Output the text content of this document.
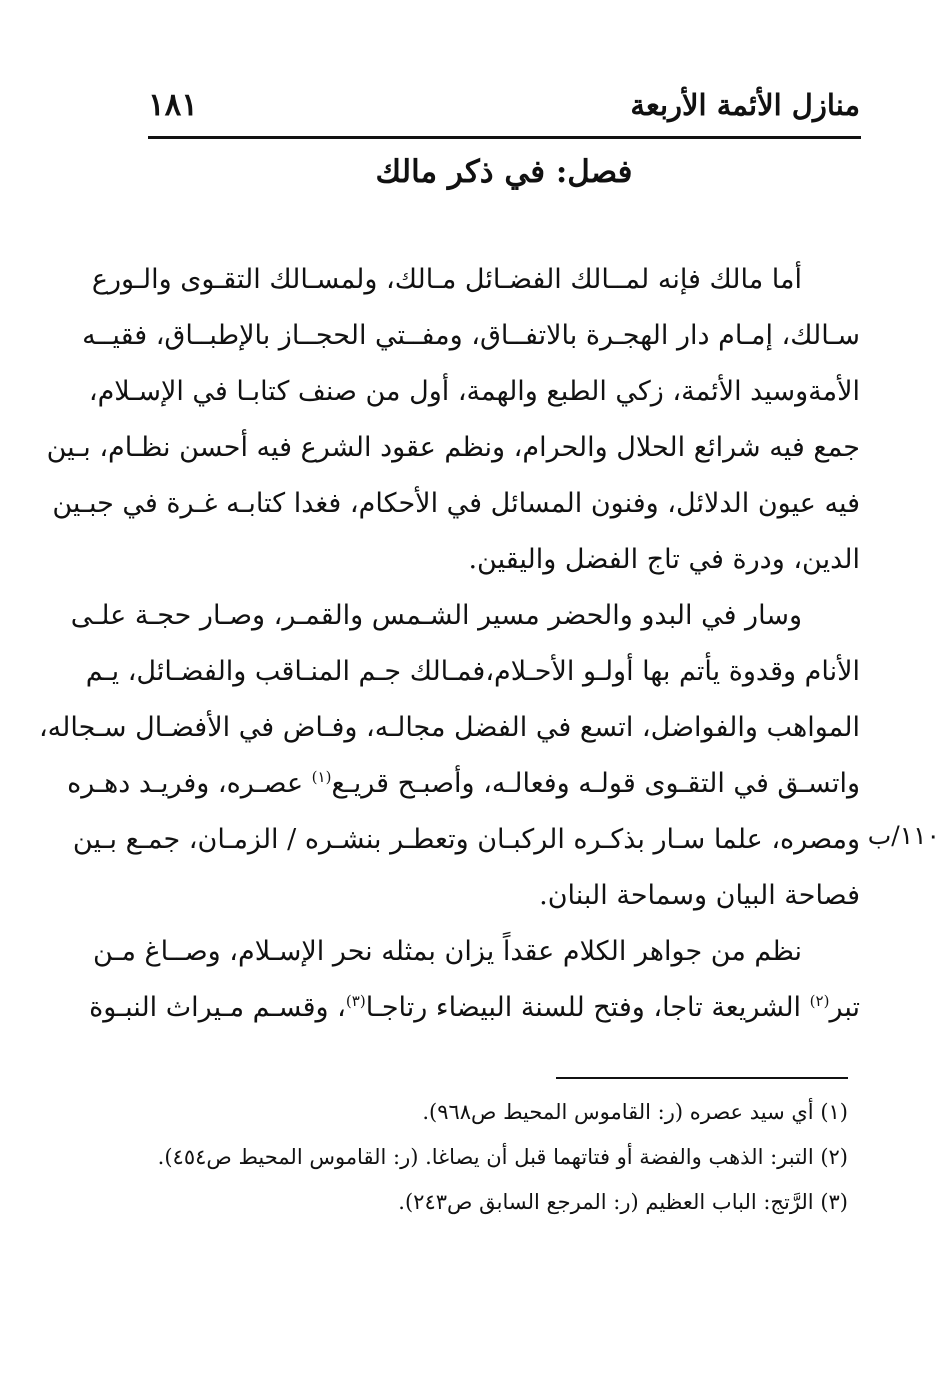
منازل الأئمة الأربعة
١٨١
فصل: في ذكر مالك
أما مالك فإنه لمــالك الفضـائل مـالك، ولمسـالك التقـوى والـورع
سـالك، إمـام دار الهجـرة بالاتفــاق، ومفــتي الحجــاز بالإطبــاق، فقيــه
الأمةوسيد الأئمة، زكي الطبع والهمة، أول من صنف كتابـا في الإسـلام،
جمع فيه شرائع الحلال والحرام، ونظم عقود الشرع فيه أحسن نظـام، بـين
فيه عيون الدلائل، وفنون المسائل في الأحكام، فغدا كتابـه غـرة في جبـين
الدين، ودرة في تاج الفضل واليقين.
وسار في البدو والحضر مسير الشـمس والقمـر، وصـار حجـة علـى
الأنام وقدوة يأتم بها أولـو الأحـلام،فمـالك جـم المنـاقب والفضـائل، يـم
المواهب والفواضل، اتسع في الفضل مجالـه، وفـاض في الأفضـال سـجاله،
واتسـق في التقـوى قولـه وفعالـه، وأصبـح قريـع$^{(١)}$ عصـره، وفريـد دهـره
ومصره، علما سـار بذكـره الركبـان وتعطـر بنشـره / الزمـان، جمـع بـين
فصاحة البيان وسماحة البنان.
نظم من جواهر الكلام عقداً يزان بمثله نحر الإسـلام، وصــاغ مـن
تبر$^{(٢)}$ الشريعة تاجا، وفتح للسنة البيضاء رتاجـا$^{(٣)}$، وقسـم مـيراث النبـوة
١١٠/ب
(١) أي سيد عصره (ر: القاموس المحيط ص٩٦٨).
(٢) التبر: الذهب والفضة أو فتاتهما قبل أن يصاغا. (ر: القاموس المحيط ص٤٥٤).
(٣) الرَّتج: الباب العظيم (ر: المرجع السابق ص٢٤٣).
